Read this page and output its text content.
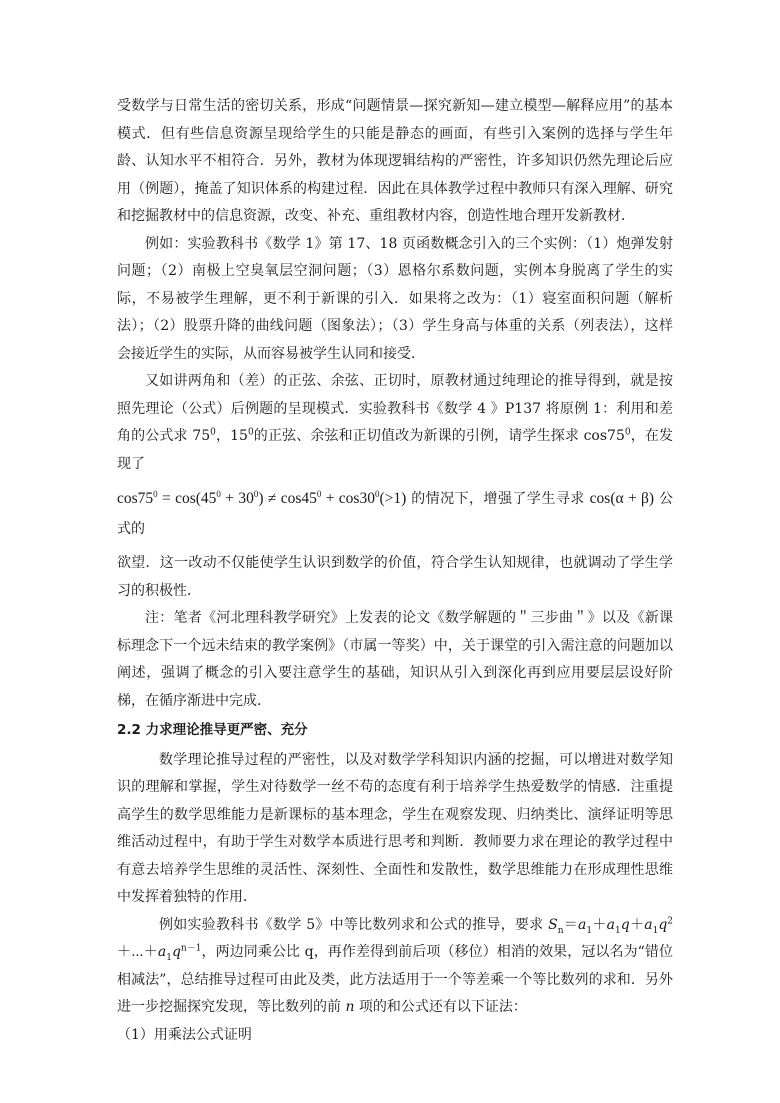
受数学与日常生活的密切关系，形成“问题情景—探究新知—建立模型—解释应用”的基本模式．但有些信息资源呈现给学生的只能是静态的画面，有些引入案例的选择与学生年龄、认知水平不相符合．另外，教材为体现逻辑结构的严密性，许多知识仍然先理论后应用（例题），掩盖了知识体系的构建过程．因此在具体教学过程中教师只有深入理解、研究和挖掘教材中的信息资源，改变、补充、重组教材内容，创造性地合理开发新教材．

例如：实验教科书《数学 1》第 17、18 页函数概念引入的三个实例：（1）炮弹发射问题；（2）南极上空臭氧层空洞问题；（3）恩格尔系数问题，实例本身脱离了学生的实际，不易被学生理解，更不利于新课的引入．如果将之改为：（1）寝室面积问题（解析法）；（2）股票升降的曲线问题（图象法）；（3）学生身高与体重的关系（列表法），这样会接近学生的实际，从而容易被学生认同和接受．

又如讲两角和（差）的正弦、余弦、正切时，原教材通过纯理论的推导得到，就是按照先理论（公式）后例题的呈现模式．实验教科书《数学 4 》P137 将原例 1：利用和差角的公式求 $75^0$，$15^0$的正弦、余弦和正切值改为新课的引例，请学生探求 $\cos 75^0$，在发现了

$\cos 75^0 = \cos(45^0 + 30^0) \ne \cos 45^0 + \cos 30^0(>1)$ 的情况下，增强了学生寻求 cos(α + β) 公式的

欲望．这一改动不仅能使学生认识到数学的价值，符合学生认知规律，也就调动了学生学习的积极性．

注：笔者《河北理科教学研究》上发表的论文《数学解题的＂三步曲＂》以及《新课标理念下一个远未结束的教学案例》（市属一等奖）中，关于课堂的引入需注意的问题加以阐述，强调了概念的引入要注意学生的基础，知识从引入到深化再到应用要层层设好阶梯，在循序渐进中完成．

2.2 力求理论推导更严密、充分

数学理论推导过程的严密性，以及对数学学科知识内涵的挖掘，可以增进对数学知识的理解和掌握，学生对待数学一丝不苟的态度有利于培养学生热爱数学的情感．注重提高学生的数学思维能力是新课标的基本理念，学生在观察发现、归纳类比、演绎证明等思维活动过程中，有助于学生对数学本质进行思考和判断．教师要力求在理论的教学过程中有意去培养学生思维的灵活性、深刻性、全面性和发散性，数学思维能力在形成理性思维中发挥着独特的作用．

例如实验教科书《数学 5》中等比数列求和公式的推导，要求 $S_n=a_1+a_1q+a_1q^2+\cdots+a_1q^{n-1}$，两边同乘公比 q，再作差得到前后项（移位）相消的效果，冠以名为“错位相减法”，总结推导过程可由此及类，此方法适用于一个等差乘一个等比数列的求和．另外进一步挖掘探究发现，等比数列的前 n 项的和公式还有以下证法：

（1）用乘法公式证明
